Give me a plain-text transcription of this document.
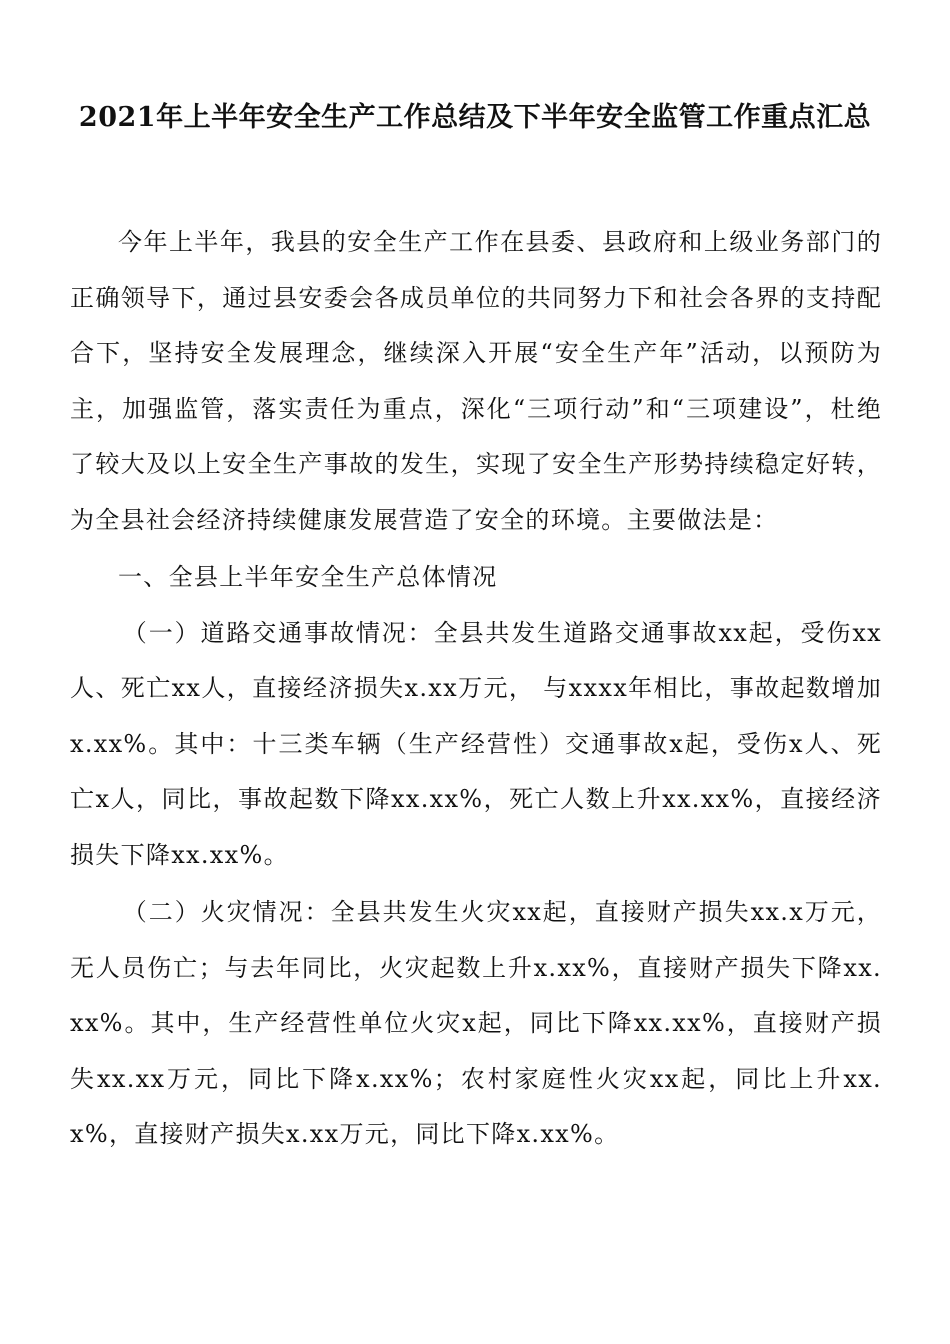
2021年上半年安全生产工作总结及下半年安全监管工作重点汇总

今年上半年，我县的安全生产工作在县委、县政府和上级业务部门的正确领导下，通过县安委会各成员单位的共同努力下和社会各界的支持配合下，坚持安全发展理念，继续深入开展“安全生产年”活动，以预防为主，加强监管，落实责任为重点，深化“三项行动”和“三项建设”，杜绝了较大及以上安全生产事故的发生，实现了安全生产形势持续稳定好转，为全县社会经济持续健康发展营造了安全的环境。主要做法是：

一、全县上半年安全生产总体情况

（一）道路交通事故情况：全县共发生道路交通事故xx起，受伤xx人、死亡xx人，直接经济损失x.xx万元， 与xxxx年相比，事故起数增加x.xx%。其中：十三类车辆（生产经营性）交通事故x起，受伤x人、死亡x人，同比，事故起数下降xx.xx%，死亡人数上升xx.xx%，直接经济损失下降xx.xx%。

（二）火灾情况：全县共发生火灾xx起，直接财产损失xx.x万元，无人员伤亡；与去年同比，火灾起数上升x.xx%，直接财产损失下降xx.xx%。其中，生产经营性单位火灾x起，同比下降xx.xx%，直接财产损失xx.xx万元，同比下降x.xx%；农村家庭性火灾xx起，同比上升xx.x%，直接财产损失x.xx万元，同比下降x.xx%。
